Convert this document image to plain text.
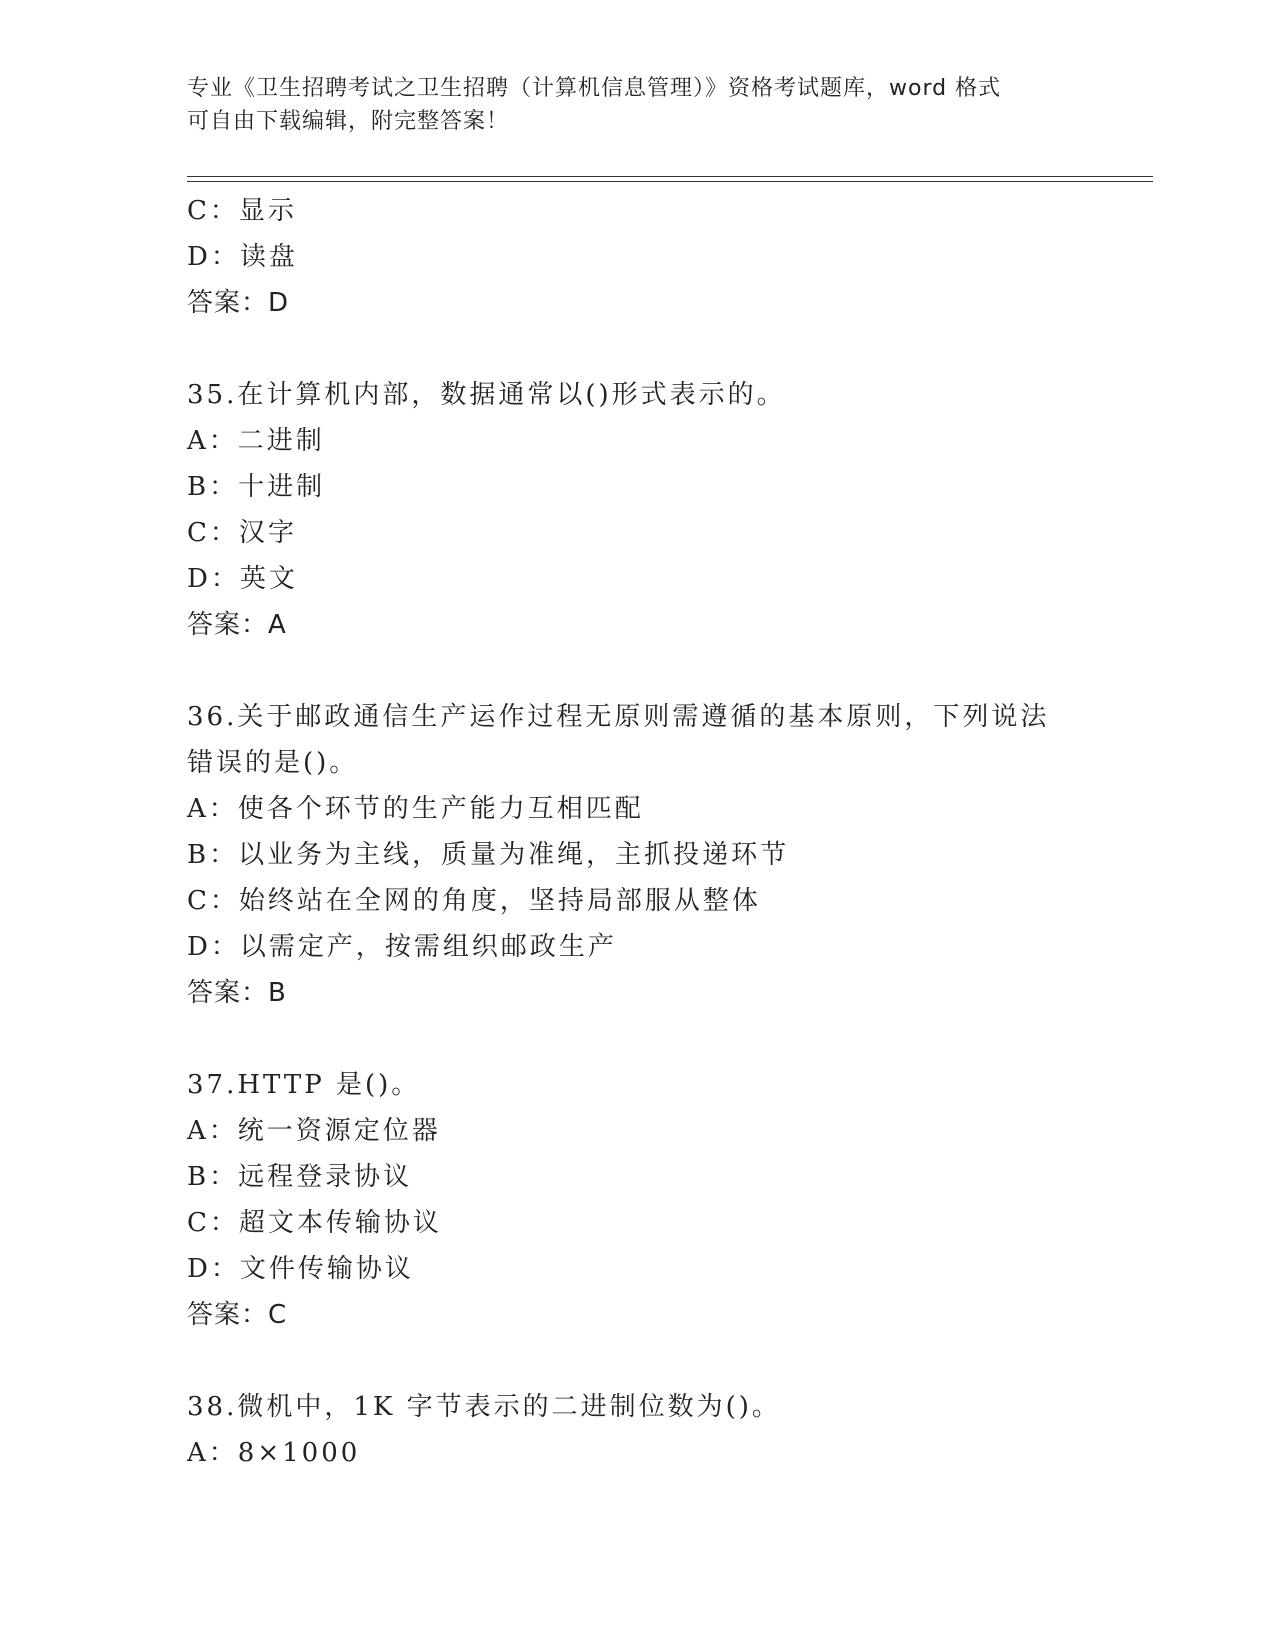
专业《卫生招聘考试之卫生招聘（计算机信息管理）》资格考试题库，word 格式
可自由下载编辑，附完整答案！
C：显示
D：读盘
答案：D
35.在计算机内部，数据通常以()形式表示的。
A：二进制
B：十进制
C：汉字
D：英文
答案：A
36.关于邮政通信生产运作过程无原则需遵循的基本原则，下列说法错误的是()。
A：使各个环节的生产能力互相匹配
B：以业务为主线，质量为准绳，主抓投递环节
C：始终站在全网的角度，坚持局部服从整体
D：以需定产，按需组织邮政生产
答案：B
37.HTTP 是()。
A：统一资源定位器
B：远程登录协议
C：超文本传输协议
D：文件传输协议
答案：C
38.微机中，1K 字节表示的二进制位数为()。
A：8×1000
